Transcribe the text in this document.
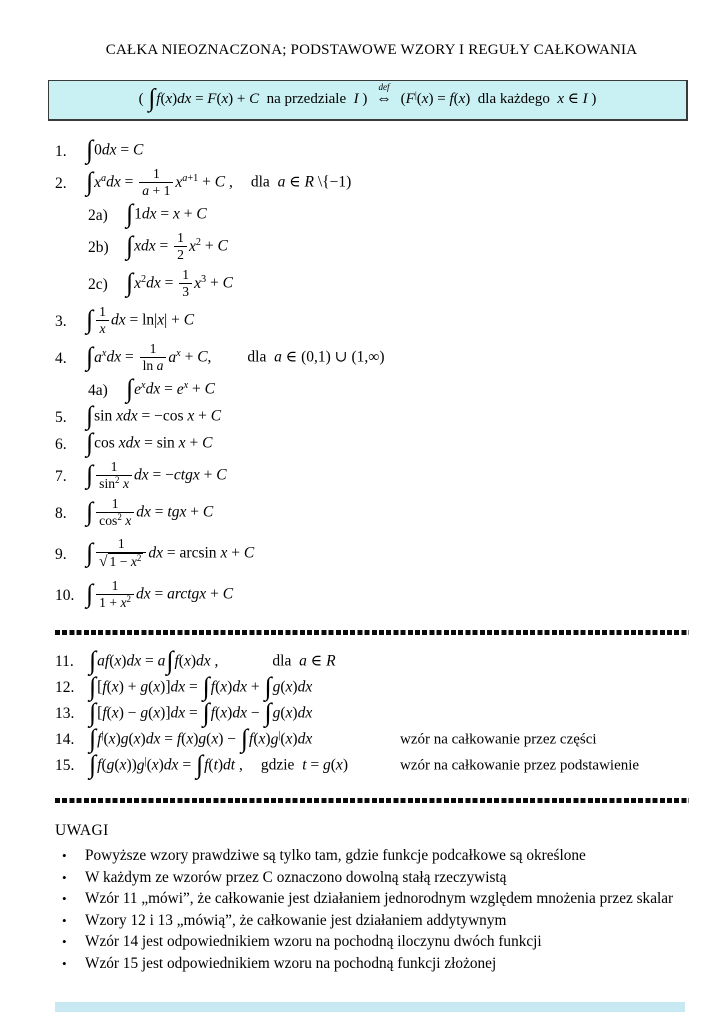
CAŁKA NIEOZNACZONA; PODSTAWOWE WZORY I REGUŁY CAŁKOWANIA
( ∫f(x)dx = F(x) + C na przedziale I )
def
⇔ (F|(x) = f(x) dla każdego x ∈ I )
1. ∫0dx = C
2. $\int x^adx = \frac{1}{a + 1} x^{a+1} + C$ , dla a ∈ R \{−1)
2a) ∫1dx = x + C
2b) $\int xdx = \frac{1}{2} x^2 + C$
2c) $\int x^2dx = \frac{1}{3} x^3 + C$
3. ∫ $\frac{1}{x}$ dx = ln|x| + C
4. $\int a^xdx = \frac{1}{\text{ln a}} a^x + C$, dla a ∈ (0,1) ∪ (1,∞)
4a) $\int e^xdx = e^x + C$
5. ∫sin xdx = −cos x + C
6. ∫cos xdx = sin x + C
7. ∫ $\frac{1}{\sin^2 x}$ dx = −ctgx + C
8. ∫ $\frac{1}{\cos^2 x}$ dx = tgx + C
9. ∫ $\frac{1}{√ 1 - x^2}$ dx = arcsin x + C
10. ∫ $\frac{1}{1 + x^2}$ dx = arctgx + C
11. ∫af(x)dx = a∫f(x)dx ,	dla a ∈ R
12. ∫[f(x) + g(x)]dx = ∫f(x)dx + ∫g(x)dx
13. ∫[f(x) − g(x)]dx = ∫f(x)dx − ∫g(x)dx
14. ∫f|(x)g(x)dx = f(x)g(x) − ∫f(x)g|(x)dx	wzór na całkowanie przez części
15. ∫f(g(x))g|(x)dx = ∫f(t)dt , gdzie t = g(x)	wzór na całkowanie przez podstawienie
UWAGI
•	Powyższe wzory prawdziwe są tylko tam, gdzie funkcje podcałkowe są określone
•	W każdym ze wzorów przez C oznaczono dowolną stałą rzeczywistą
•	Wzór 11 „mówi”, że całkowanie jest działaniem jednorodnym względem mnożenia przez skalar
•	Wzory 12 i 13 „mówią”, że całkowanie jest działaniem addytywnym
•	Wzór 14 jest odpowiednikiem wzoru na pochodną iloczynu dwóch funkcji
•	Wzór 15 jest odpowiednikiem wzoru na pochodną funkcji złożonej
